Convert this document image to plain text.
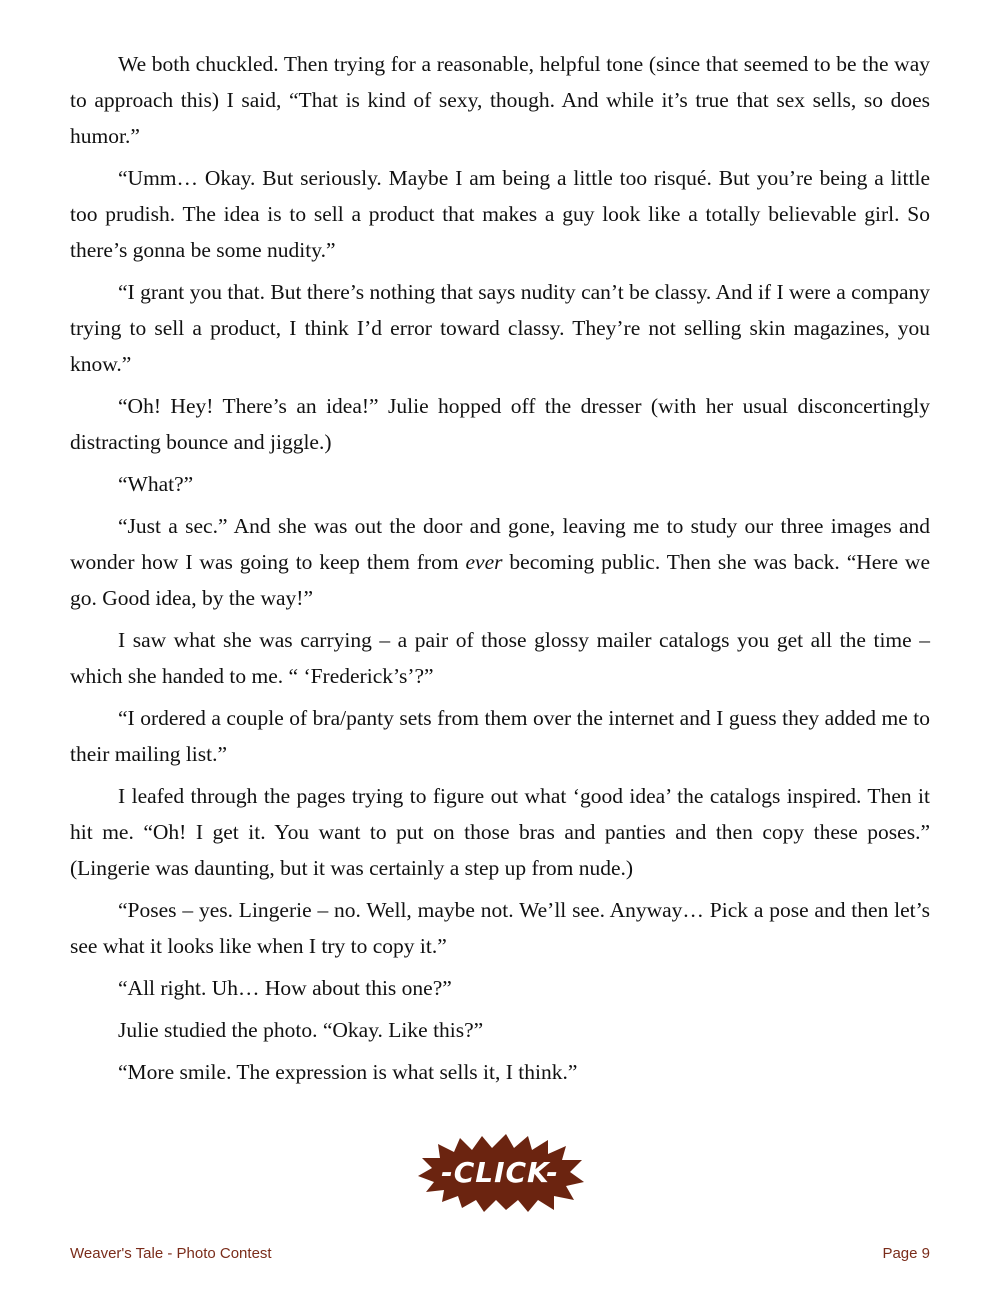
We both chuckled. Then trying for a reasonable, helpful tone (since that seemed to be the way to approach this) I said, “That is kind of sexy, though. And while it’s true that sex sells, so does humor.”

“Umm… Okay. But seriously. Maybe I am being a little too risqué. But you’re being a little too prudish. The idea is to sell a product that makes a guy look like a totally believable girl. So there’s gonna be some nudity.”

“I grant you that. But there’s nothing that says nudity can’t be classy. And if I were a company trying to sell a product, I think I’d error toward classy. They’re not selling skin magazines, you know.”

“Oh! Hey! There’s an idea!” Julie hopped off the dresser (with her usual disconcertingly distracting bounce and jiggle.)

“What?”

“Just a sec.” And she was out the door and gone, leaving me to study our three images and wonder how I was going to keep them from ever becoming public. Then she was back. “Here we go. Good idea, by the way!”

I saw what she was carrying – a pair of those glossy mailer catalogs you get all the time – which she handed to me. “ ‘Frederick’s’?”

“I ordered a couple of bra/panty sets from them over the internet and I guess they added me to their mailing list.”

I leafed through the pages trying to figure out what ‘good idea’ the catalogs inspired. Then it hit me. “Oh! I get it. You want to put on those bras and panties and then copy these poses.” (Lingerie was daunting, but it was certainly a step up from nude.)

“Poses – yes. Lingerie – no. Well, maybe not. We’ll see. Anyway… Pick a pose and then let’s see what it looks like when I try to copy it.”

“All right. Uh… How about this one?”

Julie studied the photo. “Okay. Like this?”

“More smile. The expression is what sells it, I think.”

-CLICK-
Weaver's Tale - Photo Contest	Page 9
